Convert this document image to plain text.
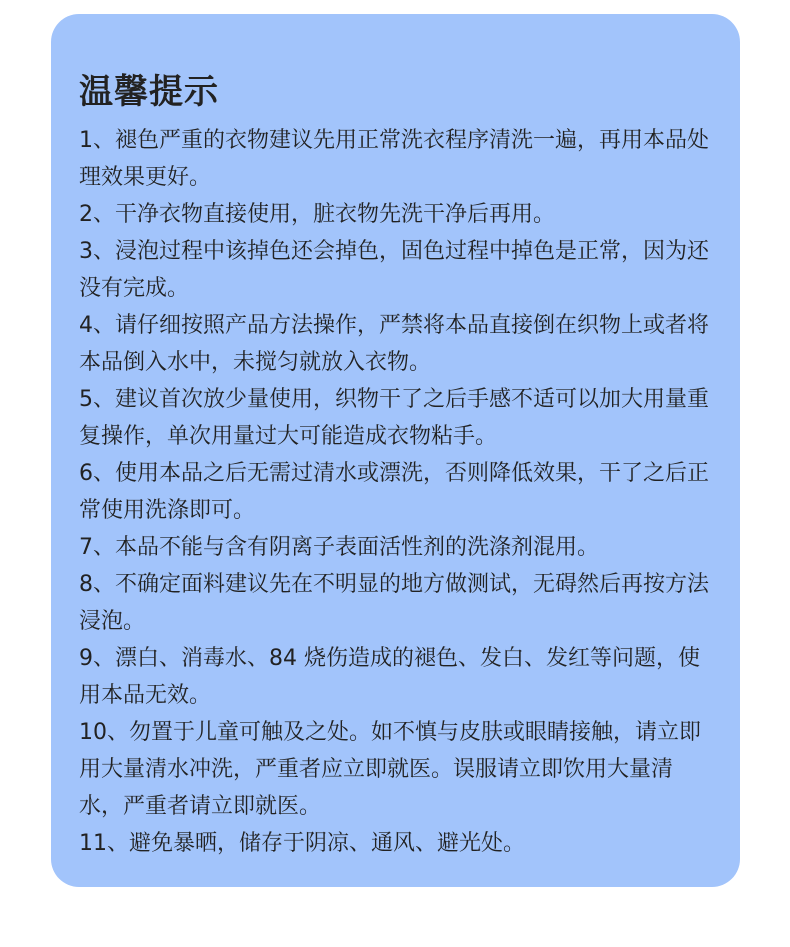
温馨提示
1、褪色严重的衣物建议先用正常洗衣程序清洗一遍，再用本品处理效果更好。
2、干净衣物直接使用，脏衣物先洗干净后再用。
3、浸泡过程中该掉色还会掉色，固色过程中掉色是正常，因为还没有完成。
4、请仔细按照产品方法操作，严禁将本品直接倒在织物上或者将本品倒入水中，未搅匀就放入衣物。
5、建议首次放少量使用，织物干了之后手感不适可以加大用量重复操作，单次用量过大可能造成衣物粘手。
6、使用本品之后无需过清水或漂洗，否则降低效果，干了之后正常使用洗涤即可。
7、本品不能与含有阴离子表面活性剂的洗涤剂混用。
8、不确定面料建议先在不明显的地方做测试，无碍然后再按方法浸泡。
9、漂白、消毒水、84 烧伤造成的褪色、发白、发红等问题，使用本品无效。
10、勿置于儿童可触及之处。如不慎与皮肤或眼睛接触，请立即用大量清水冲洗，严重者应立即就医。误服请立即饮用大量清水，严重者请立即就医。
11、避免暴晒，储存于阴凉、通风、避光处。
